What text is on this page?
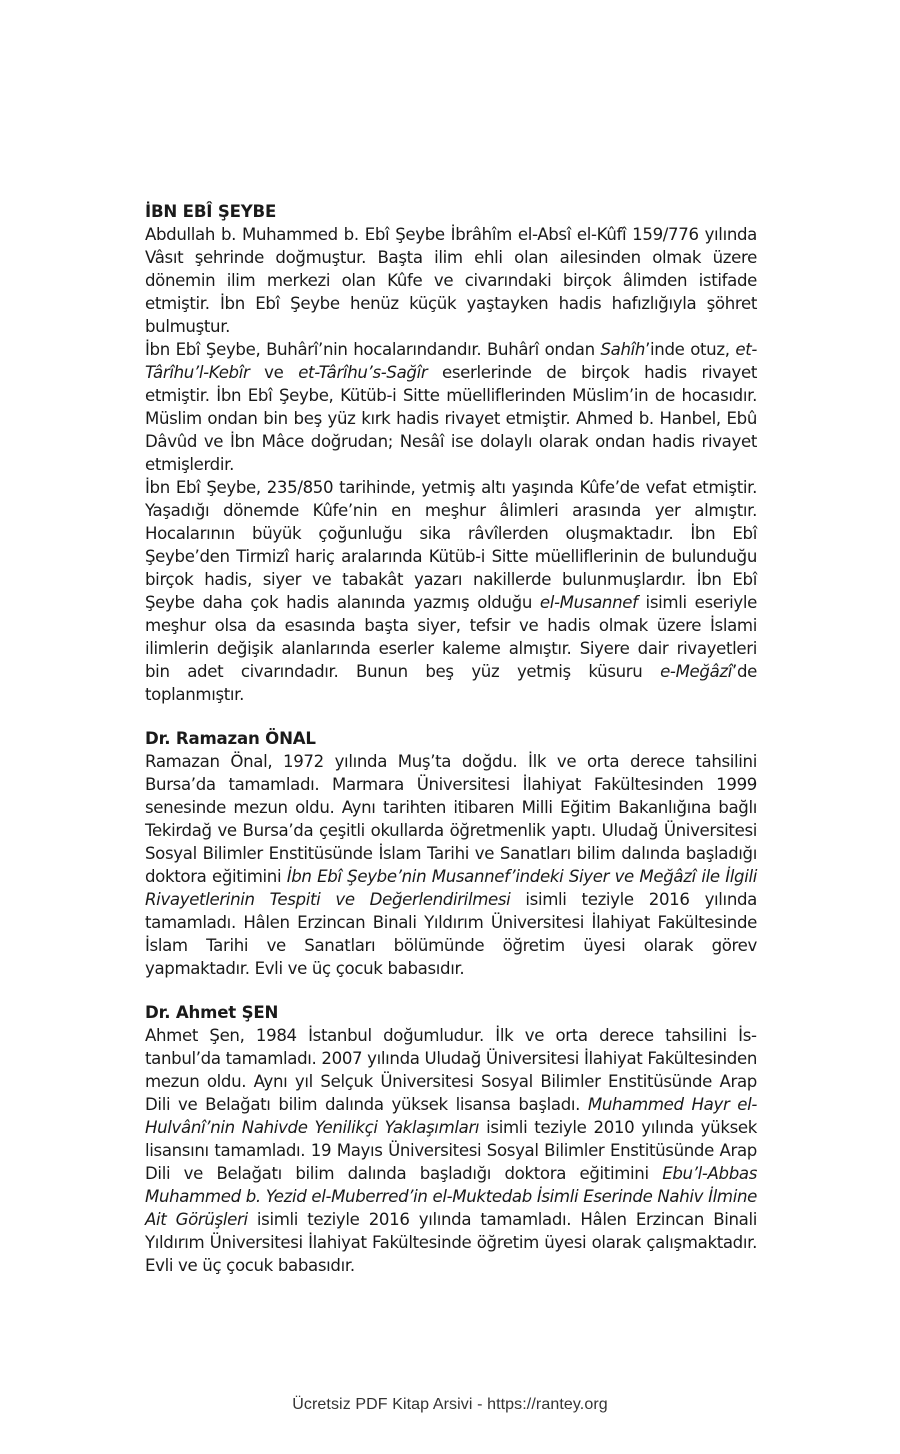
İBN EBÎ ŞEYBE

Abdullah b. Muhammed b. Ebî Şeybe İbrâhîm el-Absî el-Kûfî 159/776 yılında Vâsıt şehrinde doğmuştur. Başta ilim ehli olan ailesinden olmak üzere dönemin ilim merkezi olan Kûfe ve civarındaki birçok âlimden istifade etmiştir. İbn Ebî Şeybe henüz küçük yaştayken hadis hafızlığıyla şöhret bulmuştur.

İbn Ebî Şeybe, Buhârî’nin hocalarındandır. Buhârî ondan Sahîh’inde otuz, et-Târîhu’l-Kebîr ve et-Târîhu’s-Sağîr eserlerinde de birçok hadis rivayet etmiştir. İbn Ebî Şeybe, Kütüb-i Sitte müelliflerinden Müslim’in de hocasıdır. Müslim ondan bin beş yüz kırk hadis rivayet etmiştir. Ahmed b. Hanbel, Ebû Dâvûd ve İbn Mâce doğrudan; Nesâî ise dolaylı olarak ondan hadis rivayet etmişlerdir.

İbn Ebî Şeybe, 235/850 tarihinde, yetmiş altı yaşında Kûfe’de vefat etmiştir. Yaşadığı dönemde Kûfe’nin en meşhur âlimleri arasında yer almıştır. Hocalarının büyük çoğunluğu sika râvîlerden oluşmaktadır. İbn Ebî Şeybe’den Tirmizî hariç aralarında Kütüb-i Sitte müelliflerinin de bulunduğu birçok hadis, siyer ve tabakât yazarı nakillerde bulunmuşlardır. İbn Ebî Şeybe daha çok hadis alanında yazmış olduğu el-Musannef isimli eseriyle meşhur olsa da esasında başta siyer, tefsir ve hadis olmak üzere İslami ilimlerin değişik alanlarında eserler kaleme almıştır. Siyere dair rivayetleri bin adet civarındadır. Bunun beş yüz yetmiş küsuru e-Meğâzî’de toplanmıştır.

Dr. Ramazan ÖNAL

Ramazan Önal, 1972 yılında Muş’ta doğdu. İlk ve orta derece tahsilini Bursa’da tamamladı. Marmara Üniversitesi İlahiyat Fakültesinden 1999 senesinde mezun oldu. Aynı tarihten itibaren Milli Eğitim Bakanlığına bağlı Tekirdağ ve Bursa’da çeşitli okullarda öğretmenlik yaptı. Uludağ Üniversitesi Sosyal Bilimler Enstitüsünde İslam Tarihi ve Sanatları bilim dalında başladığı doktora eğitimini İbn Ebî Şeybe’nin Musannef’indeki Siyer ve Meğâzî ile İlgili Rivayetlerinin Tespiti ve Değerlendirilmesi isimli teziyle 2016 yılında tamamladı. Hâlen Erzincan Binali Yıldırım Üniversitesi İlahiyat Fakültesinde İslam Tarihi ve Sanatları bölümünde öğretim üyesi olarak görev yapmaktadır. Evli ve üç çocuk babasıdır.

Dr. Ahmet ŞEN

Ahmet Şen, 1984 İstanbul doğumludur. İlk ve orta derece tahsilini İstanbul’da tamamladı. 2007 yılında Uludağ Üniversitesi İlahiyat Fakültesinden mezun oldu. Aynı yıl Selçuk Üniversitesi Sosyal Bilimler Enstitüsünde Arap Dili ve Belağatı bilim dalında yüksek lisansa başladı. Muhammed Hayr el-Hulvânî’nin Nahivde Yenilikçi Yaklaşımları isimli teziyle 2010 yılında yüksek lisansını tamamladı. 19 Mayıs Üniversitesi Sosyal Bilimler Enstitüsünde Arap Dili ve Belağatı bilim dalında başladığı doktora eğitimini Ebu’l-Abbas Muhammed b. Yezid el-Muberred’in el-Muktedab İsimli Eserinde Nahiv İlmine Ait Görüşleri isimli teziyle 2016 yılında tamamladı. Hâlen Erzincan Binali Yıldırım Üniversitesi İlahiyat Fakültesinde öğretim üyesi olarak çalışmaktadır. Evli ve üç çocuk babasıdır.

Ücretsiz PDF Kitap Arsivi - https://rantey.org
